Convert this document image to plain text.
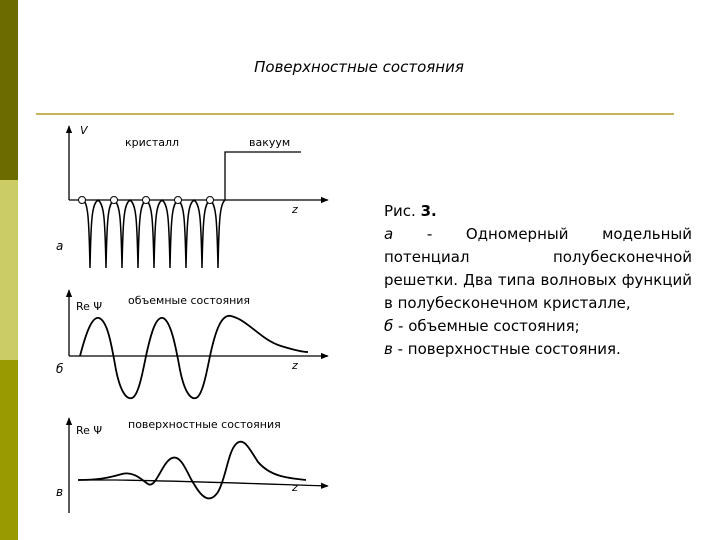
Поверхностные состояния
V
z
кристалл	вакуум
а
Re Ψ объемные состояния
z
б
Re Ψ поверхностные состояния
z
в

Рис. 3.

а - Одномерный модельный потенциал полубесконечной решетки. Два типа волновых функций в полубесконечном кристалле,

б - объемные состояния;

в - поверхностные состояния.
